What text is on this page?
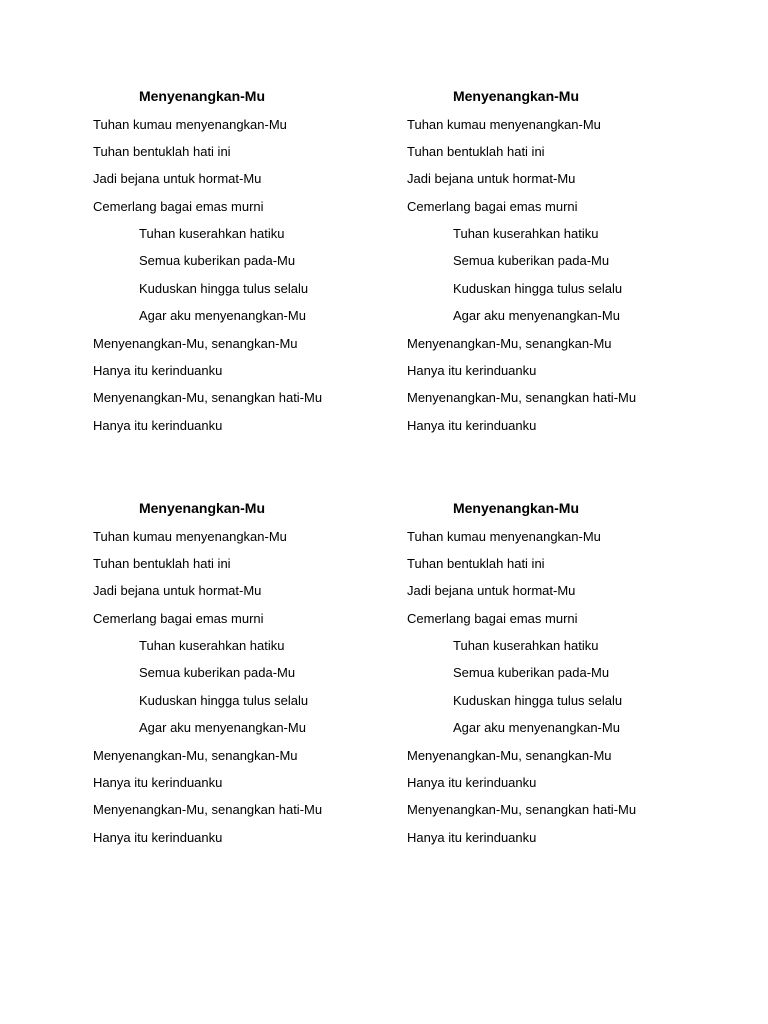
Menyenangkan-Mu
Tuhan kumau menyenangkan-Mu
Tuhan bentuklah hati ini
Jadi bejana untuk hormat-Mu
Cemerlang bagai emas murni
Tuhan kuserahkan hatiku
Semua kuberikan pada-Mu
Kuduskan hingga tulus selalu
Agar aku menyenangkan-Mu
Menyenangkan-Mu, senangkan-Mu
Hanya itu kerinduanku
Menyenangkan-Mu, senangkan hati-Mu
Hanya itu kerinduanku
Menyenangkan-Mu
Tuhan kumau menyenangkan-Mu
Tuhan bentuklah hati ini
Jadi bejana untuk hormat-Mu
Cemerlang bagai emas murni
Tuhan kuserahkan hatiku
Semua kuberikan pada-Mu
Kuduskan hingga tulus selalu
Agar aku menyenangkan-Mu
Menyenangkan-Mu, senangkan-Mu
Hanya itu kerinduanku
Menyenangkan-Mu, senangkan hati-Mu
Hanya itu kerinduanku
Menyenangkan-Mu
Tuhan kumau menyenangkan-Mu
Tuhan bentuklah hati ini
Jadi bejana untuk hormat-Mu
Cemerlang bagai emas murni
Tuhan kuserahkan hatiku
Semua kuberikan pada-Mu
Kuduskan hingga tulus selalu
Agar aku menyenangkan-Mu
Menyenangkan-Mu, senangkan-Mu
Hanya itu kerinduanku
Menyenangkan-Mu, senangkan hati-Mu
Hanya itu kerinduanku
Menyenangkan-Mu
Tuhan kumau menyenangkan-Mu
Tuhan bentuklah hati ini
Jadi bejana untuk hormat-Mu
Cemerlang bagai emas murni
Tuhan kuserahkan hatiku
Semua kuberikan pada-Mu
Kuduskan hingga tulus selalu
Agar aku menyenangkan-Mu
Menyenangkan-Mu, senangkan-Mu
Hanya itu kerinduanku
Menyenangkan-Mu, senangkan hati-Mu
Hanya itu kerinduanku
